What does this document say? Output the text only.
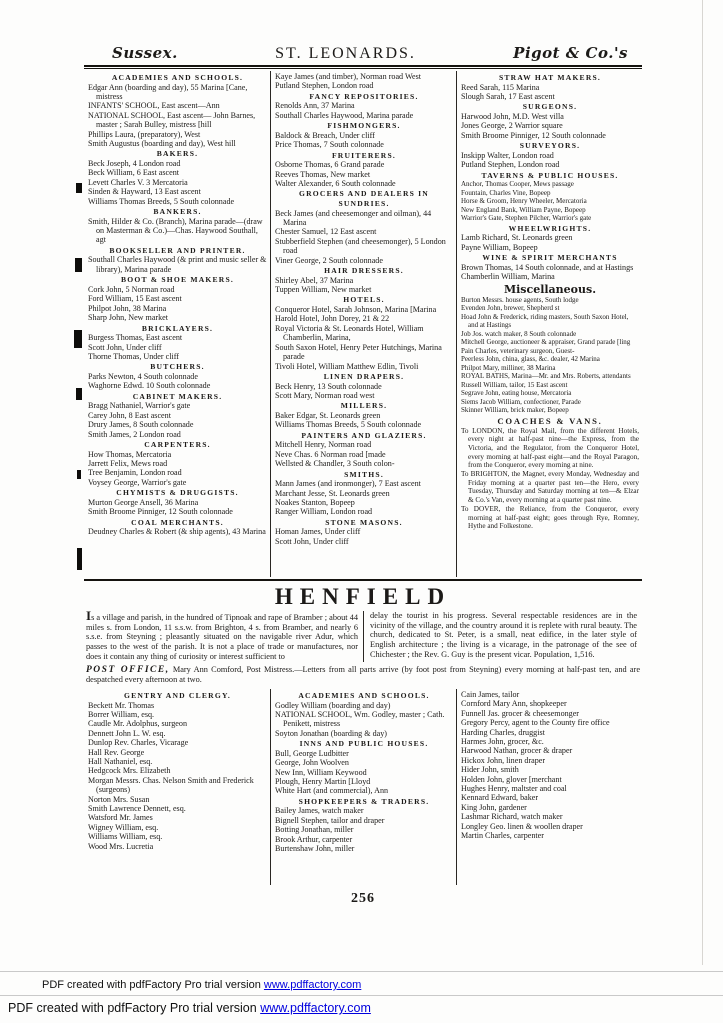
Sussex.	ST. LEONARDS.	Pigot & Co.'s
ACADEMIES AND SCHOOLS.
Edgar Ann (boarding and day), 55 Marina [Cane, mistress
INFANTS' SCHOOL, East ascent—Ann
NATIONAL SCHOOL, East ascent— John Barnes, master ; Sarah Bulley, mistress [hill
Phillips Laura, (preparatory), West
Smith Augustus (boarding and day), West hill
BAKERS.
Beck Joseph, 4 London road
Beck William, 6 East ascent
Levett Charles V. 3 Mercatoria
Sinden & Hayward, 13 East ascent
Williams Thomas Breeds, 5 South colonnade
BANKERS.
Smith, Hilder & Co. (Branch), Marina parade—(draw on Masterman & Co.)—Chas. Haywood Southall, agt
BOOKSELLER AND PRINTER.
Southall Charles Haywood (& print and music seller & library), Marina parade
BOOT & SHOE MAKERS.
Cork John, 5 Norman road
Ford William, 15 East ascent
Philpot John, 38 Marina
Sharp John, New market
BRICKLAYERS.
Burgess Thomas, East ascent
Scott John, Under cliff
Thorne Thomas, Under cliff
BUTCHERS.
Parks Newton, 4 South colonnade
Waghorne Edwd. 10 South colonnade
CABINET MAKERS.
Bragg Nathaniel, Warrior's gate
Carey John, 8 East ascent
Drury James, 8 South colonnade
Smith James, 2 London road
CARPENTERS.
How Thomas, Mercatoria
Jarrett Felix, Mews road
Tree Benjamin, London road
Voysey George, Warrior's gate
CHYMISTS & DRUGGISTS.
Murton George Ansell, 36 Marina
Smith Broome Pinniger, 12 South colonnade
COAL MERCHANTS.
Deudney Charles & Robert (& ship agents), 43 Marina
Kaye James (and timber), Norman road West
Putland Stephen, London road
FANCY REPOSITORIES.
Renolds Ann, 37 Marina
Southall Charles Haywood, Marina parade
FISHMONGERS.
Baldock & Breach, Under cliff
Price Thomas, 7 South colonnade
FRUITERERS.
Osborne Thomas, 6 Grand parade
Reeves Thomas, New market
Walter Alexander, 6 South colonnade
GROCERS AND DEALERS IN SUNDRIES.
Beck James (and cheesemonger and oilman), 44 Marina
Chester Samuel, 12 East ascent
Stubberfield Stephen (and cheesemonger), 5 London road
Viner George, 2 South colonnade
HAIR DRESSERS.
Shirley Abel, 37 Marina
Tuppen William, New market
HOTELS.
Conqueror Hotel, Sarah Johnson, Marina [Marina
Harold Hotel, John Dorey, 21 & 22
Royal Victoria & St. Leonards Hotel, William Chamberlin, Marina,
South Saxon Hotel, Henry Peter Hutchings, Marina parade
Tivoli Hotel, William Matthew Edlin, Tivoli
LINEN DRAPERS.
Beck Henry, 13 South colonnade
Scott Mary, Norman road west
MILLERS.
Baker Edgar, St. Leonards green
Williams Thomas Breeds, 5 South colonnade
PAINTERS AND GLAZIERS.
Mitchell Henry, Norman road
Neve Chas. 6 Norman road [made
Wellsted & Chandler, 3 South colon-
SMITHS.
Mann James (and ironmonger), 7 East ascent
Marchant Jesse, St. Leonards green
Noakes Stanton, Bopeep
Ranger William, London road
STONE MASONS.
Homan James, Under cliff
Scott John, Under cliff
STRAW HAT MAKERS.
Reed Sarah, 115 Marina
Slough Sarah, 17 East ascent
SURGEONS.
Harwood John, M.D. West villa
Jones George, 2 Warrior square
Smith Broome Pinniger, 12 South colonnade
SURVEYORS.
Inskipp Walter, London road
Putland Stephen, London road
TAVERNS & PUBLIC HOUSES.
Anchor, Thomas Cooper, Mews passage
Fountain, Charles Vine, Bopeep
Horse & Groom, Henry Wheeler, Mercatoria
New England Bank, William Payne, Bopeep
Warrior's Gate, Stephen Pilcher, Warrior's gate
WHEELWRIGHTS.
Lamb Richard, St. Leonards green
Payne William, Bopeep
WINE & SPIRIT MERCHANTS
Brown Thomas, 14 South colonnade, and at Hastings
Chamberlin William, Marina
Miscellaneous.
Burton Messrs. house agents, South lodge
Evenden John, brewer, Shepherd st
Hoad John & Frederick, riding masters, South Saxon Hotel, and at Hastings
Job Jos. watch maker, 8 South colonnade
Mitchell George, auctioneer & appraiser, Grand parade [ling
Pain Charles, veterinary surgeon, Guest-
Peerless John, china, glass, &c. dealer, 42 Marina
Philpot Mary, milliner, 38 Marina
ROYAL BATHS, Marina—Mr. and Mrs. Roberts, attendants
Russell William, tailor, 15 East ascent
Segrave John, eating house, Mercatoria
Siems Jacob William, confectioner, Parade
Skinner William, brick maker, Bopeep
COACHES & VANS.
To LONDON, the Royal Mail, from the different Hotels, every night at half-past nine—the Express, from the Victoria, and the Regulator, from the Conqueror Hotel, every morning at half-past eight—and the Royal Paragon, from the Conqueror, every morning at nine.
To BRIGHTON, the Magnet, every Monday, Wednesday and Friday morning at a quarter past ten—the Hero, every Tuesday, Thursday and Saturday morning at ten—& Elzar & Co.'s Van, every morning at a quarter past nine.
To DOVER, the Reliance, from the Conqueror, every morning at half-past eight; goes through Rye, Romney, Hythe and Folkestone.
HENFIELD
Is a village and parish, in the hundred of Tipnoak and rape of Bramber ; about 44 miles s. from London, 11 s.s.w. from Brighton, 4 s. from Bramber, and nearly 6 s.s.e. from Steyning ; pleasantly situated on the navigable river Adur, which passes to the west of the parish. It is not a place of trade or manufactures, nor does it contain any thing of curiosity or interest sufficient to
delay the tourist in his progress. Several respectable residences are in the vicinity of the village, and the country around it is replete with rural beauty. The church, dedicated to St. Peter, is a small, neat edifice, in the later style of English architecture ; the living is a vicarage, in the patronage of the see of Chichester ; the Rev. G. Guy is the present vicar. Population, 1,516.
POST OFFICE, Mary Ann Comford, Post Mistress.—Letters from all parts arrive (by foot post from Steyning) every morning at half-past ten, and are despatched every afternoon at two.
GENTRY AND CLERGY.
Beckett Mr. Thomas
Borrer William, esq.
Caudle Mr. Adolphus, surgeon
Dennett John L. W. esq.
Dunlop Rev. Charles, Vicarage
Hall Rev. George
Hall Nathaniel, esq.
Hedgcock Mrs. Elizabeth
Morgan Messrs. Chas. Nelson Smith and Frederick (surgeons)
Norton Mrs. Susan
Smith Lawrence Dennett, esq.
Watsford Mr. James
Wigney William, esq.
Williams William, esq.
Wood Mrs. Lucretia
ACADEMIES AND SCHOOLS.
Godley William (boarding and day)
NATIONAL SCHOOL, Wm. Godley, master ; Cath. Penikett, mistress
Soyton Jonathan (boarding & day)
INNS AND PUBLIC HOUSES.
Bull, George Ludbitter
George, John Woolven
New Inn, William Keywood
Plough, Henry Martin [Lloyd
White Hart (and commercial), Ann
SHOPKEEPERS & TRADERS.
Bailey James, watch maker
Bignell Stephen, tailor and draper
Botting Jonathan, miller
Brook Arthur, carpenter
Burtenshaw John, miller
Cain James, tailor
Cornford Mary Ann, shopkeeper
Funnell Jas. grocer & cheesemonger
Gregory Percy, agent to the County fire office
Harding Charles, druggist
Harmes John, grocer, &c.
Harwood Nathan, grocer & draper
Hickox John, linen draper
Hider John, smith
Holden John, glover [merchant
Hughes Henry, maltster and coal
Kennard Edward, baker
King John, gardener
Lashmar Richard, watch maker
Longley Geo. linen & woollen draper
Martin Charles, carpenter
256
PDF created with pdfFactory Pro trial version www.pdffactory.com
PDF created with pdfFactory Pro trial version www.pdffactory.com
